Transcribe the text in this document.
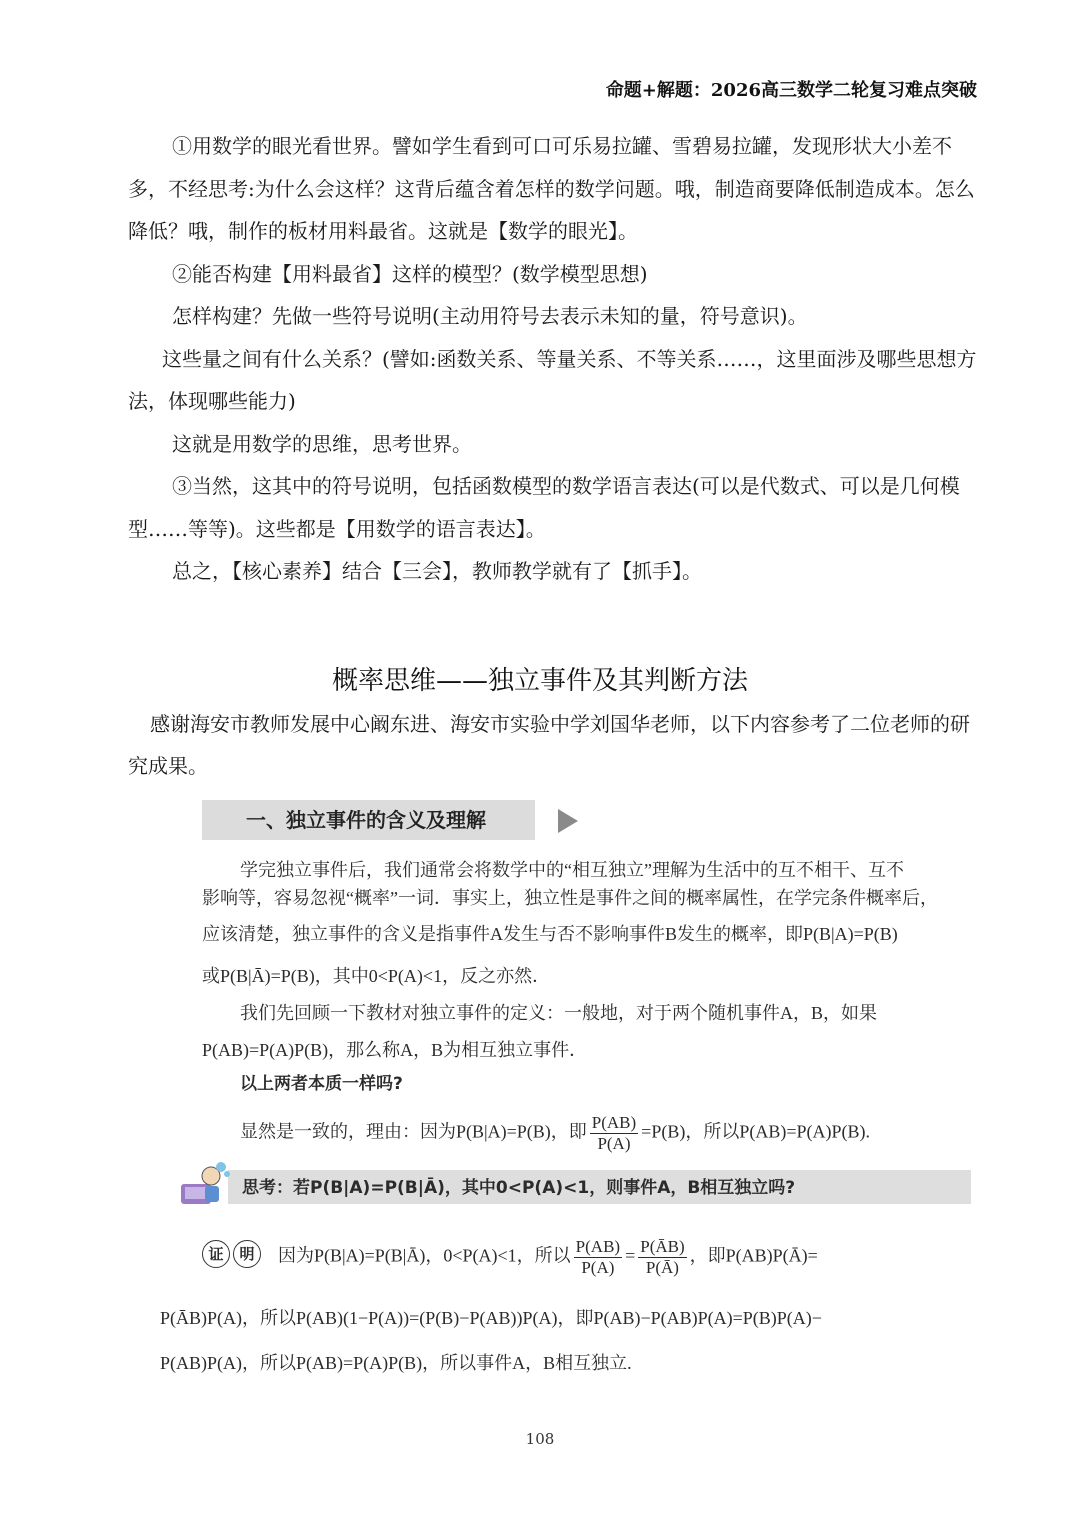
命题+解题：2026高三数学二轮复习难点突破

①用数学的眼光看世界。譬如学生看到可口可乐易拉罐、雪碧易拉罐，发现形状大小差不多，不经思考:为什么会这样？这背后蕴含着怎样的数学问题。哦，制造商要降低制造成本。怎么降低？哦，制作的板材用料最省。这就是【数学的眼光】。

②能否构建【用料最省】这样的模型？(数学模型思想)

怎样构建？先做一些符号说明(主动用符号去表示未知的量，符号意识)。

这些量之间有什么关系？(譬如:函数关系、等量关系、不等关系……，这里面涉及哪些思想方法，体现哪些能力)

这就是用数学的思维，思考世界。

③当然，这其中的符号说明，包括函数模型的数学语言表达(可以是代数式、可以是几何模型……等等)。这些都是【用数学的语言表达】。

总之，【核心素养】结合【三会】，教师教学就有了【抓手】。

概率思维——独立事件及其判断方法
感谢海安市教师发展中心阚东进、海安市实验中学刘国华老师，以下内容参考了二位老师的研究成果。
一、独立事件的含义及理解
学完独立事件后，我们通常会将数学中的“相互独立”理解为生活中的互不相干、互不
影响等，容易忽视“概率”一词．事实上，独立性是事件之间的概率属性，在学完条件概率后，
应该清楚，独立事件的含义是指事件A发生与否不影响事件B发生的概率，即P(B|A)=P(B)
或P(B|Ā)=P(B)，其中0<P(A)<1，反之亦然．
我们先回顾一下教材对独立事件的定义：一般地，对于两个随机事件A，B，如果
P(AB)=P(A)P(B)，那么称A，B为相互独立事件．
以上两者本质一样吗?
显然是一致的，理由：因为P(B|A)=P(B)，即 $\frac{P(AB)}{P(A)} =P(B)$，所以P(AB)=P(A)P(B).
思考：若P(B|A)=P(B|Ā)，其中0<P(A)<1，则事件A，B相互独立吗?
证 明	因为P(B|A)=P(B|Ā)，0<P(A)<1，所以 $\frac{P(AB)}{P(A)} = \frac{P(ĀB)}{P(Ā)}$ ，即P(AB)P(Ā)=
P(ĀB)P(A)，所以P(AB)(1−P(A))=(P(B)−P(AB))P(A)，即P(AB)−P(AB)P(A)=P(B)P(A)−
P(AB)P(A)，所以P(AB)=P(A)P(B)，所以事件A，B相互独立.
108
